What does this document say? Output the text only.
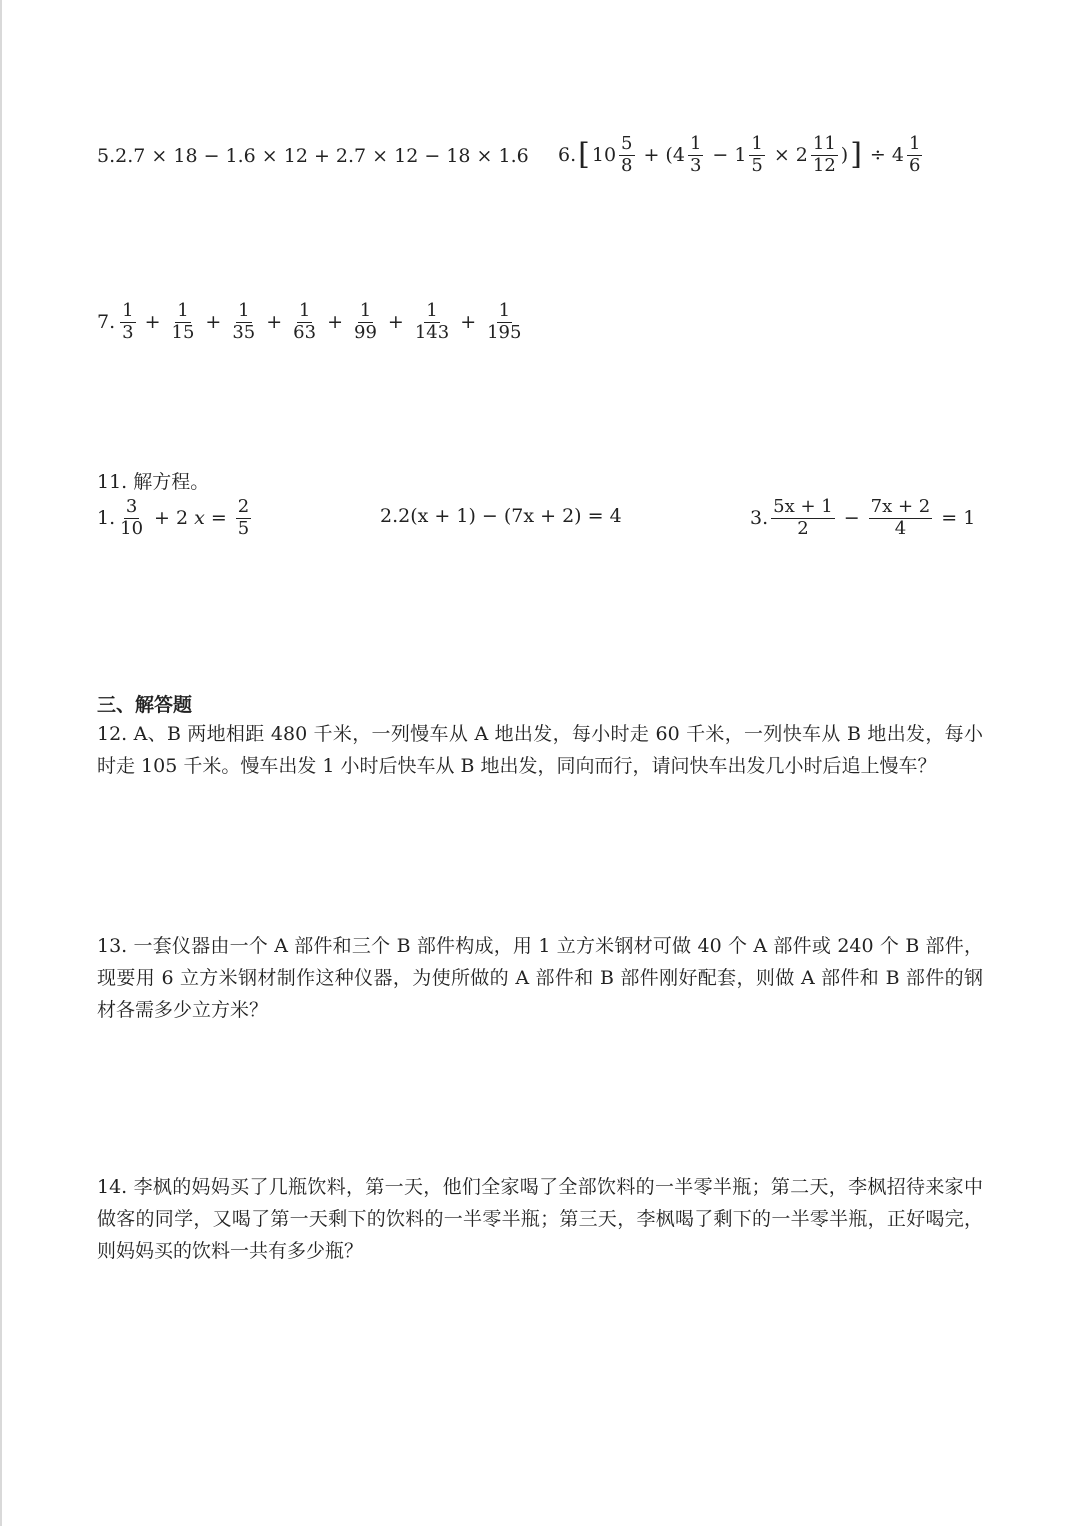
5. 2.7 × 18 − 1.6 × 12 + 2.7 × 12 − 18 × 1.6 6. [ $10 \frac{5}{8}$ + ( $4 \frac{1}{3} - 1 \frac{1}{5} \times 2 \frac{11}{12}$ ) ] ÷ $4 \frac{1}{6}$
7. $\frac{1}{3} + \frac{1}{15} + \frac{1}{35} + \frac{1}{63} + \frac{1}{99} + \frac{1}{143} + \frac{1}{195}$
11. 解方程。
1. $\frac{3}{10} + 2$ $x = \frac{2}{5}$	2. 2(x + 1) − (7x + 2) = 4	3. $\frac{5x + 1}{2} - \frac{7x + 2}{4} = 1$
三、解答题
12. A、B 两地相距 480 千米，一列慢车从 A 地出发，每小时走 60 千米，一列快车从 B 地出发，每小时走 105 千米。慢车出发 1 小时后快车从 B 地出发，同向而行，请问快车出发几小时后追上慢车？
13. 一套仪器由一个 A 部件和三个 B 部件构成，用 1 立方米钢材可做 40 个 A 部件或 240 个 B 部件，现要用 6 立方米钢材制作这种仪器，为使所做的 A 部件和 B 部件刚好配套，则做 A 部件和 B 部件的钢材各需多少立方米？
14. 李枫的妈妈买了几瓶饮料，第一天，他们全家喝了全部饮料的一半零半瓶；第二天，李枫招待来家中做客的同学，又喝了第一天剩下的饮料的一半零半瓶；第三天，李枫喝了剩下的一半零半瓶，正好喝完，则妈妈买的饮料一共有多少瓶？
